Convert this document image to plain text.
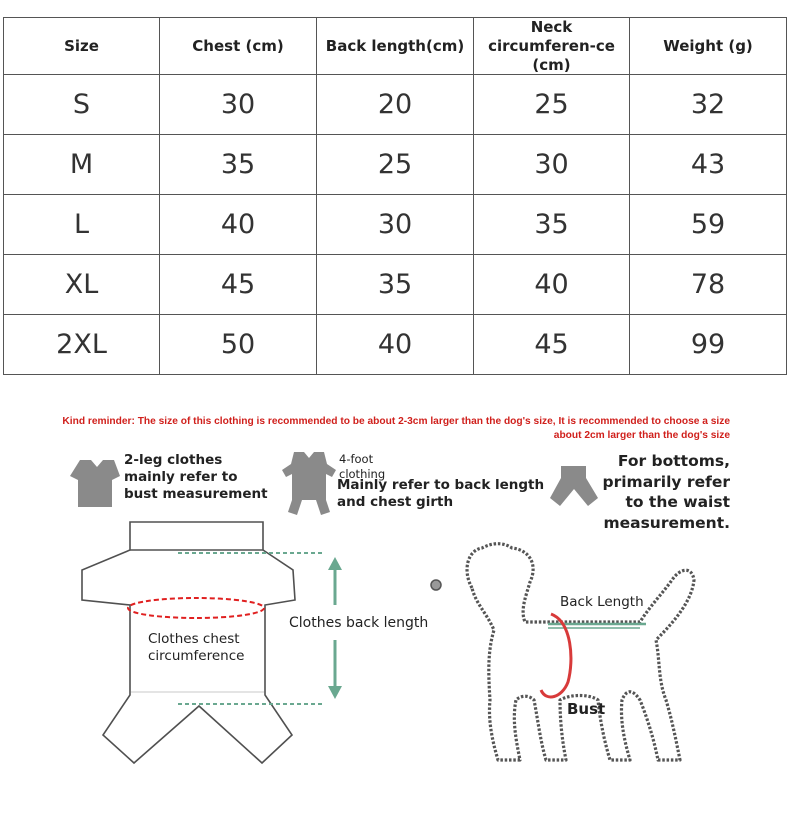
Size	Chest (cm)	Back length(cm)	Neck circumferen-ce (cm)	Weight (g)
S	30	20	25	32
M	35	25	30	43
L	40	30	35	59
XL	45	35	40	78
2XL	50	40	45	99
Kind reminder: The size of this clothing is recommended to be about 2-3cm larger than the dog's size, It is recommended to choose a size
about 2cm larger than the dog's size
2-leg clothes
mainly refer to
bust measurement
4-foot
clothing
Mainly refer to back length
and chest girth
For bottoms,
primarily refer
to the waist
measurement.
Clothes chest
circumference
Clothes back length
Back Length
Bust
